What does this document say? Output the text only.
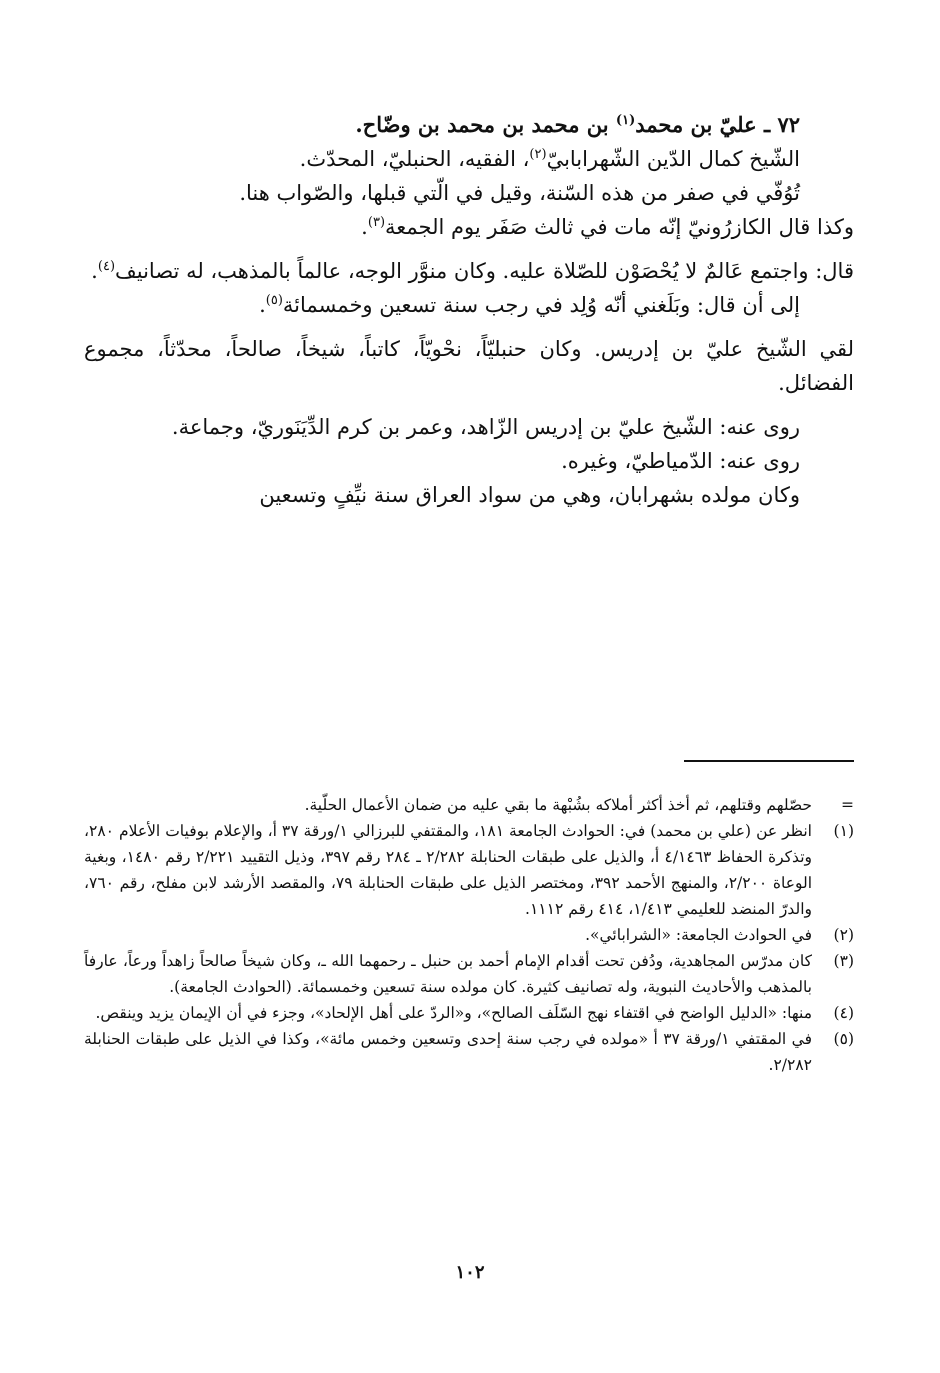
٧٢ ـ عليّ بن محمد$^{(١)}$ بن محمد بن محمد بن وضّاح.

الشّيخ كمال الدّين الشّهرابابيّ$^{(٢)}$، الفقيه، الحنبليّ، المحدّث.

تُوُفّي في صفر من هذه السّنة، وقيل في الّتي قبلها، والصّواب هنا.

وكذا قال الكازرُونيّ إنّه مات في ثالث صَفَر يوم الجمعة$^{(٣)}$.

قال: واجتمع عَالمٌ لا يُحْصَوْن للصّلاة عليه. وكان منوَّر الوجه، عالماً بالمذهب، له تصانيف$^{(٤)}$.

إلى أن قال: وبَلَغني أنّه وُلِد في رجب سنة تسعين وخمسمائة$^{(٥)}$.

لقي الشّيخ عليّ بن إدريس. وكان حنبليّاً، نحْويّاً، كاتباً، شيخاً، صالحاً، محدّثاً، مجموع الفضائل.

روى عنه: الشّيخ عليّ بن إدريس الزّاهد، وعمر بن كرم الدِّيَنَوريّ، وجماعة.

روى عنه: الدّمياطيّ، وغيره.

وكان مولده بشهرابان، وهي من سواد العراق سنة نيِّفٍ وتسعين

=
حصّلهم وقتلهم، ثم أخذ أكثر أملاكه بشُبْهة ما بقي عليه من ضمان الأعمال الحلّية.
(١)
انظر عن (علي بن محمد) في: الحوادث الجامعة ١٨١، والمقتفي للبرزالي ١/ورقة ٣٧ أ، والإعلام بوفيات الأعلام ٢٨٠، وتذكرة الحفاظ ٤/١٤٦٣ أ، والذيل على طبقات الحنابلة ٢/٢٨٢ ـ ٢٨٤ رقم ٣٩٧، وذيل التقييد ٢/٢٢١ رقم ١٤٨٠، وبغية الوعاة ٢/٢٠٠، والمنهج الأحمد ٣٩٢، ومختصر الذيل على طبقات الحنابلة ٧٩، والمقصد الأرشد لابن مفلح، رقم ٧٦٠، والدرّ المنضد للعليمي ١/٤١٣، ٤١٤ رقم ١١١٢.
(٢)
في الحوادث الجامعة: «الشرابائي».
(٣)
كان مدرّس المجاهدية، ودُفن تحت أقدام الإمام أحمد بن حنبل ـ رحمهما الله ـ، وكان شيخاً صالحاً زاهداً ورعاً، عارفاً بالمذهب والأحاديث النبوية، وله تصانيف كثيرة. كان مولده سنة تسعين وخمسمائة. (الحوادث الجامعة).
(٤)
منها: «الدليل الواضح في اقتفاء نهج السّلَف الصالح»، و«الردّ على أهل الإلحاد»، وجزء في أن الإيمان يزيد وينقص.
(٥)
في المقتفي ١/ورقة ٣٧ أ «مولده في رجب سنة إحدى وتسعين وخمس مائة»، وكذا في الذيل على طبقات الحنابلة ٢/٢٨٢.
١٠٢
